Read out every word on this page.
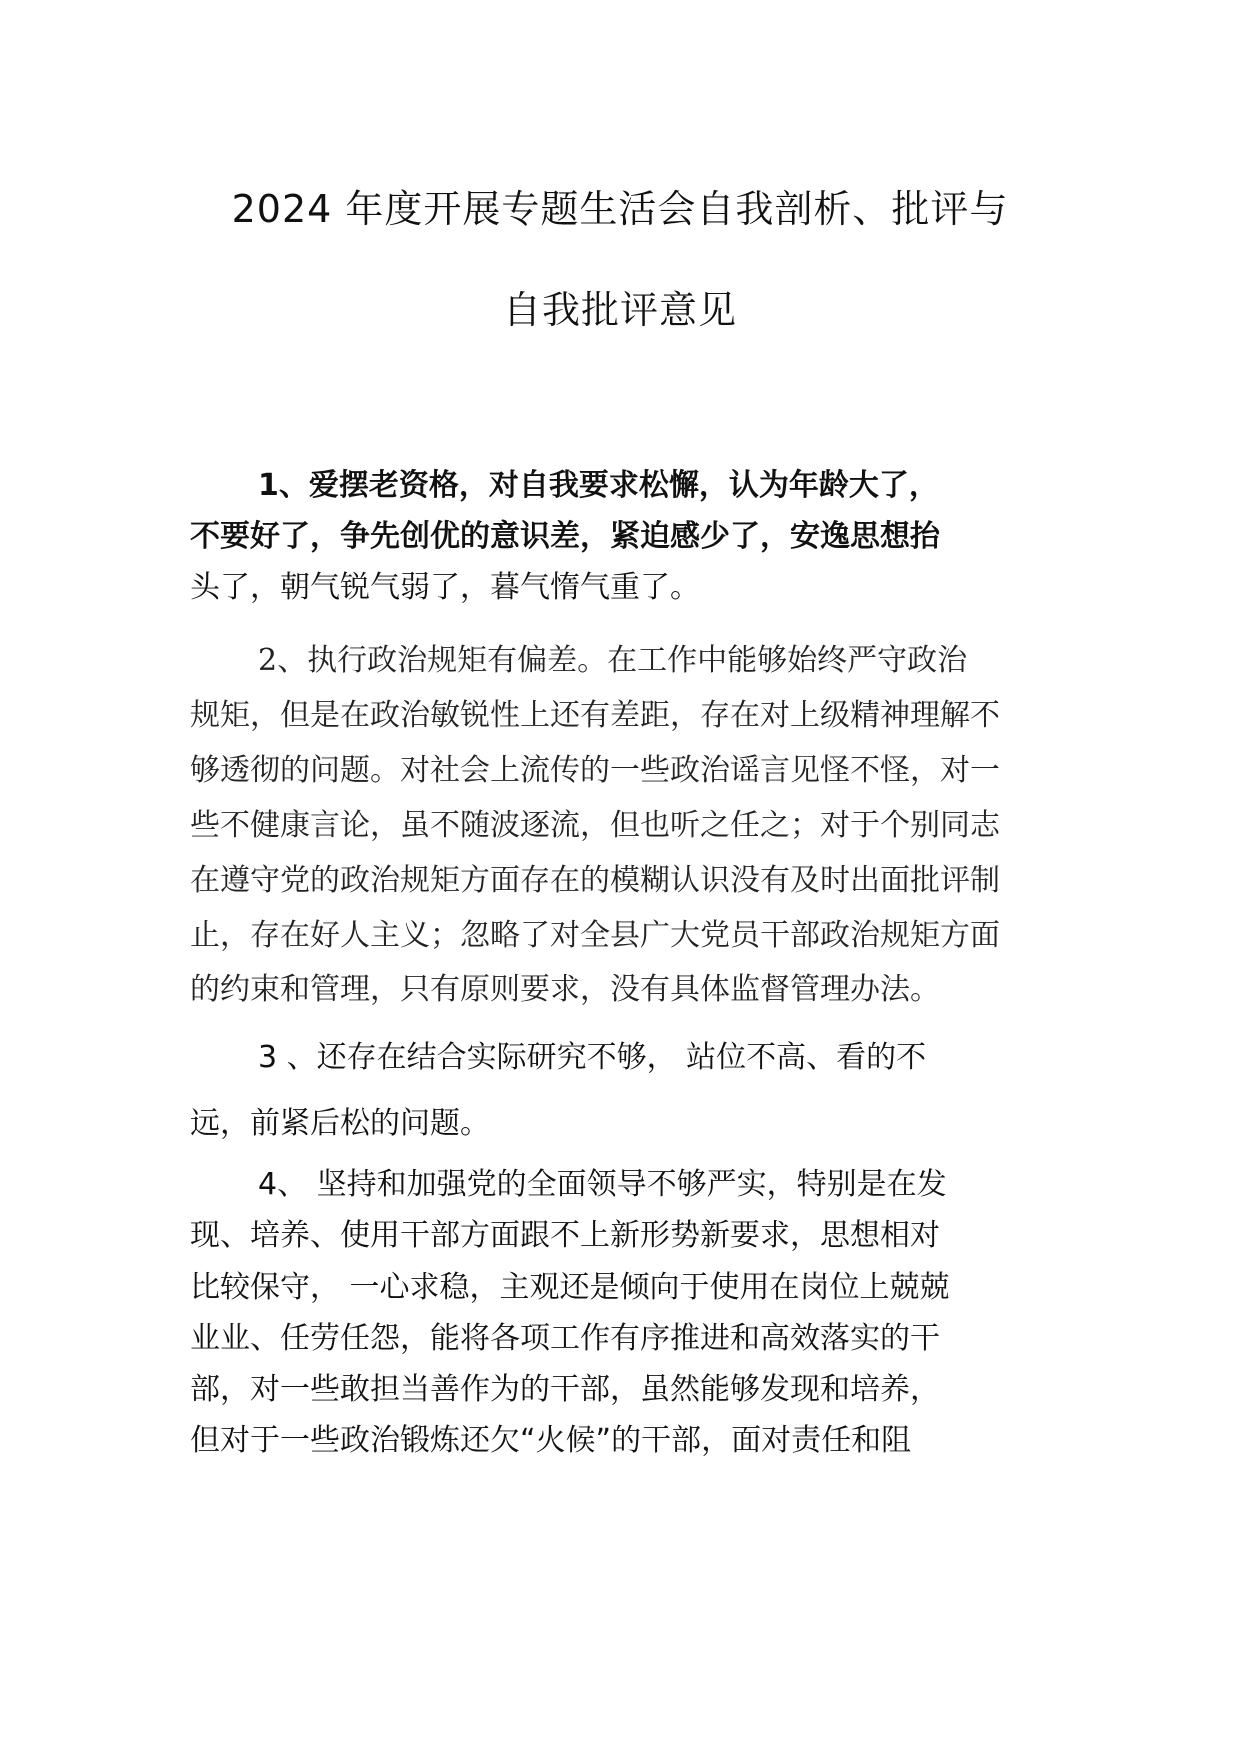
2024 年度开展专题生活会自我剖析、批评与
自我批评意见
1、爱摆老资格，对自我要求松懈，认为年龄大了，
不要好了，争先创优的意识差，紧迫感少了，安逸思想抬
头了，朝气锐气弱了，暮气惰气重了。
2、执行政治规矩有偏差。在工作中能够始终严守政治
规矩，但是在政治敏锐性上还有差距，存在对上级精神理解不
够透彻的问题。对社会上流传的一些政治谣言见怪不怪，对一
些不健康言论，虽不随波逐流，但也听之任之；对于个别同志
在遵守党的政治规矩方面存在的模糊认识没有及时出面批评制
止，存在好人主义；忽略了对全县广大党员干部政治规矩方面
的约束和管理，只有原则要求，没有具体监督管理办法。
3 、还存在结合实际研究不够， 站位不高、看的不
远，前紧后松的问题。
4、 坚持和加强党的全面领导不够严实，特别是在发
现、培养、使用干部方面跟不上新形势新要求，思想相对
比较保守， 一心求稳，主观还是倾向于使用在岗位上兢兢
业业、任劳任怨，能将各项工作有序推进和高效落实的干
部，对一些敢担当善作为的干部，虽然能够发现和培养，
但对于一些政治锻炼还欠“火候”的干部，面对责任和阻
